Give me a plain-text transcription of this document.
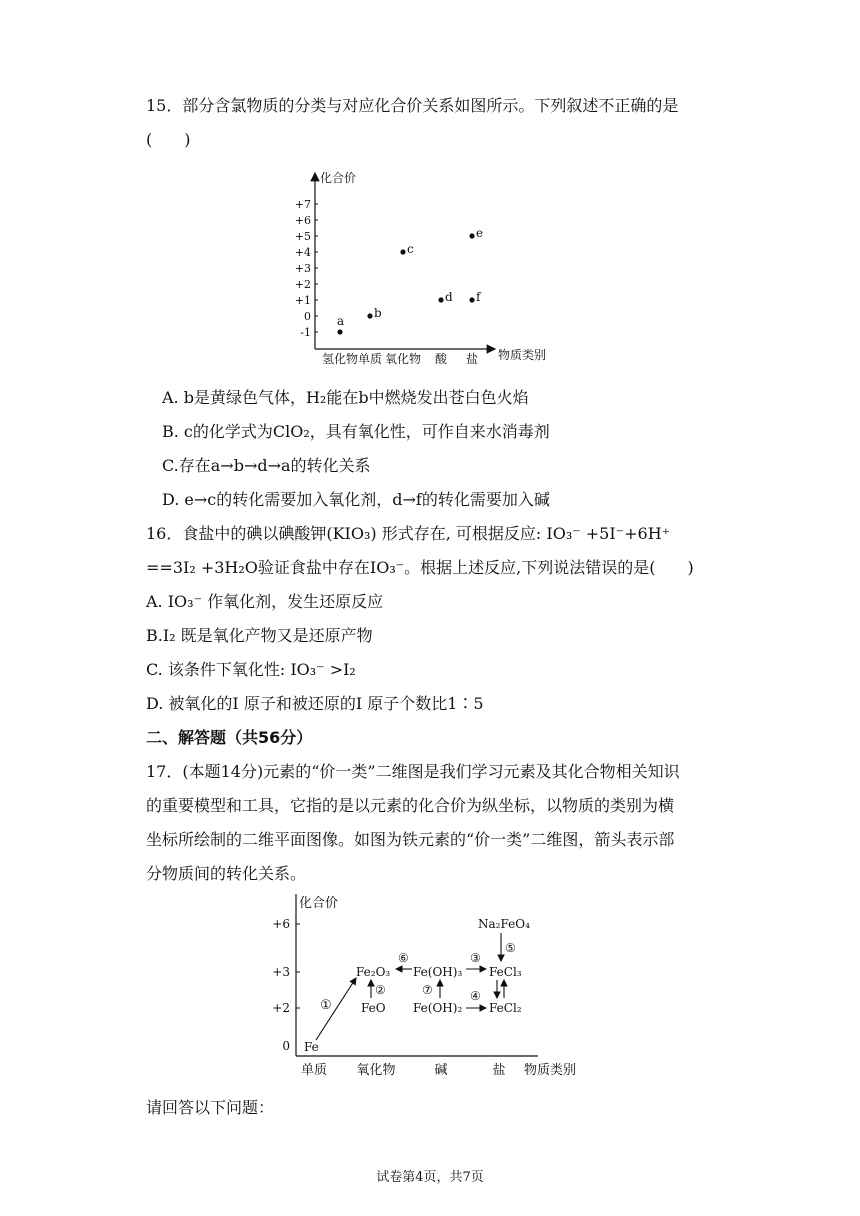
15．部分含氯物质的分类与对应化合价关系如图所示。下列叙述不正确的是
(　　)
化合价
物质类别
+7
+6
+5
+4
+3
+2
+1
0
-1
氢化物 单质 氧化物 酸 盐
a
b
c
d
e
f
A. b是黄绿色气体，H₂能在b中燃烧发出苍白色火焰
B. c的化学式为ClO₂，具有氧化性，可作自来水消毒剂
C.存在a→b→d→a的转化关系
D. e→c的转化需要加入氧化剂，d→f的转化需要加入碱
16．食盐中的碘以碘酸钾(KIO₃) 形式存在, 可根据反应: IO₃⁻ +5I⁻+6H⁺
==3I₂ +3H₂O验证食盐中存在IO₃⁻。根据上述反应,下列说法错误的是(　　)
A. IO₃⁻ 作氧化剂，发生还原反应
B.I₂ 既是氧化产物又是还原产物
C. 该条件下氧化性: IO₃⁻ >I₂
D. 被氧化的I 原子和被还原的I 原子个数比1∶5
二、解答题（共56分）
17．(本题14分)元素的“价一类”二维图是我们学习元素及其化合物相关知识
的重要模型和工具，它指的是以元素的化合价为纵坐标，以物质的类别为横
坐标所绘制的二维平面图像。如图为铁元素的“价一类”二维图，箭头表示部
分物质间的转化关系。
化合价
物质类别
+6
+3
+2
0
单质 氧化物	碱	盐
Fe
Fe₂O₃
FeO
Fe(OH)₃
Fe(OH)₂
FeCl₃
FeCl₂
Na₂FeO₄
①
②
⑥
⑦
③
④
⑤
请回答以下问题：
试卷第4页，共7页
